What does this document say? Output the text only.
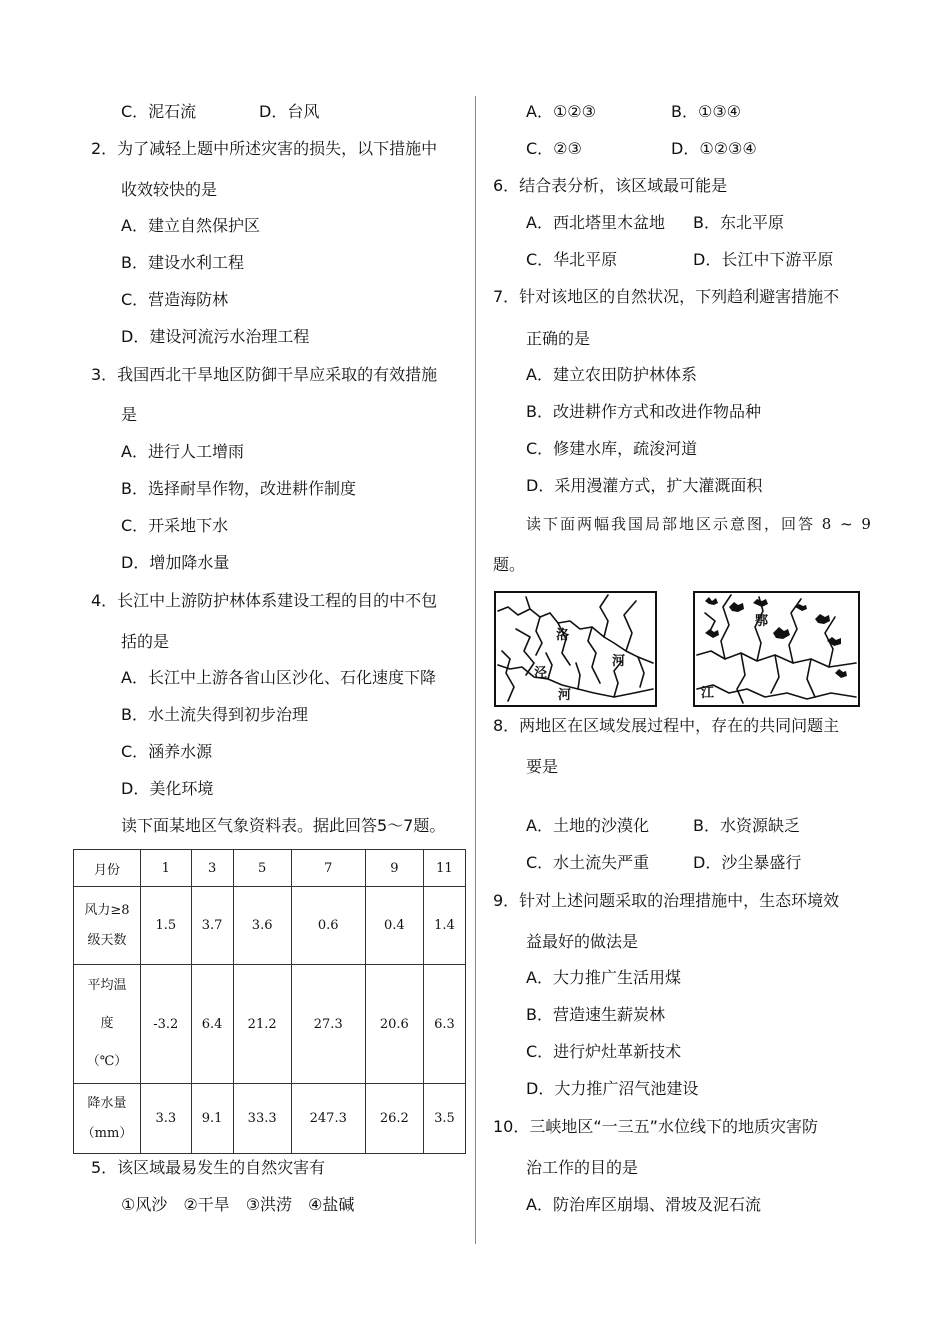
C．泥石流	D．台风
2．为了减轻上题中所述灾害的损失，以下措施中
收效较快的是
A．建立自然保护区
B．建设水利工程
C．营造海防林
D．建设河流污水治理工程
3．我国西北干旱地区防御干旱应采取的有效措施
是
A．进行人工增雨
B．选择耐旱作物，改进耕作制度
C．开采地下水
D．增加降水量
4．长江中上游防护林体系建设工程的目的中不包
括的是
A．长江中上游各省山区沙化、石化速度下降
B．水土流失得到初步治理
C．涵养水源
D．美化环境
读下面某地区气象资料表。据此回答5～7题。
月份	1	3	5	7	9	11

风力≥8
级天数	1.5	3.7	3.6	0.6	0.4	1.4

平均温
度
（℃）	-3.2	6.4	21.2	27.3	20.6	6.3

降水量
（mm）	3.3	9.1	33.3	247.3	26.2	3.5
5．该区域最易发生的自然灾害有
①风沙　②干旱　③洪涝　④盐碱
A．①②③	B．①③④
C．②③	D．①②③④
6．结合表分析，该区域最可能是
A．西北塔里木盆地 B．东北平原
C．华北平原	D．长江中下游平原
7．针对该地区的自然状况，下列趋利避害措施不
正确的是
A．建立农田防护林体系
B．改进耕作方式和改进作物品种
C．修建水库，疏浚河道
D．采用漫灌方式，扩大灌溉面积
读下面两幅我国局部地区示意图，回答 8 ~ 9
题。
洛
河
泾
河
鄂
江
8．两地区在区域发展过程中，存在的共同问题主
要是
A．土地的沙漠化	B．水资源缺乏
C．水土流失严重	D．沙尘暴盛行
9．针对上述问题采取的治理措施中，生态环境效
益最好的做法是
A．大力推广生活用煤
B．营造速生薪炭林
C．进行炉灶革新技术
D．大力推广沼气池建设
10．三峡地区“一三五”水位线下的地质灾害防
治工作的目的是
A．防治库区崩塌、滑坡及泥石流
